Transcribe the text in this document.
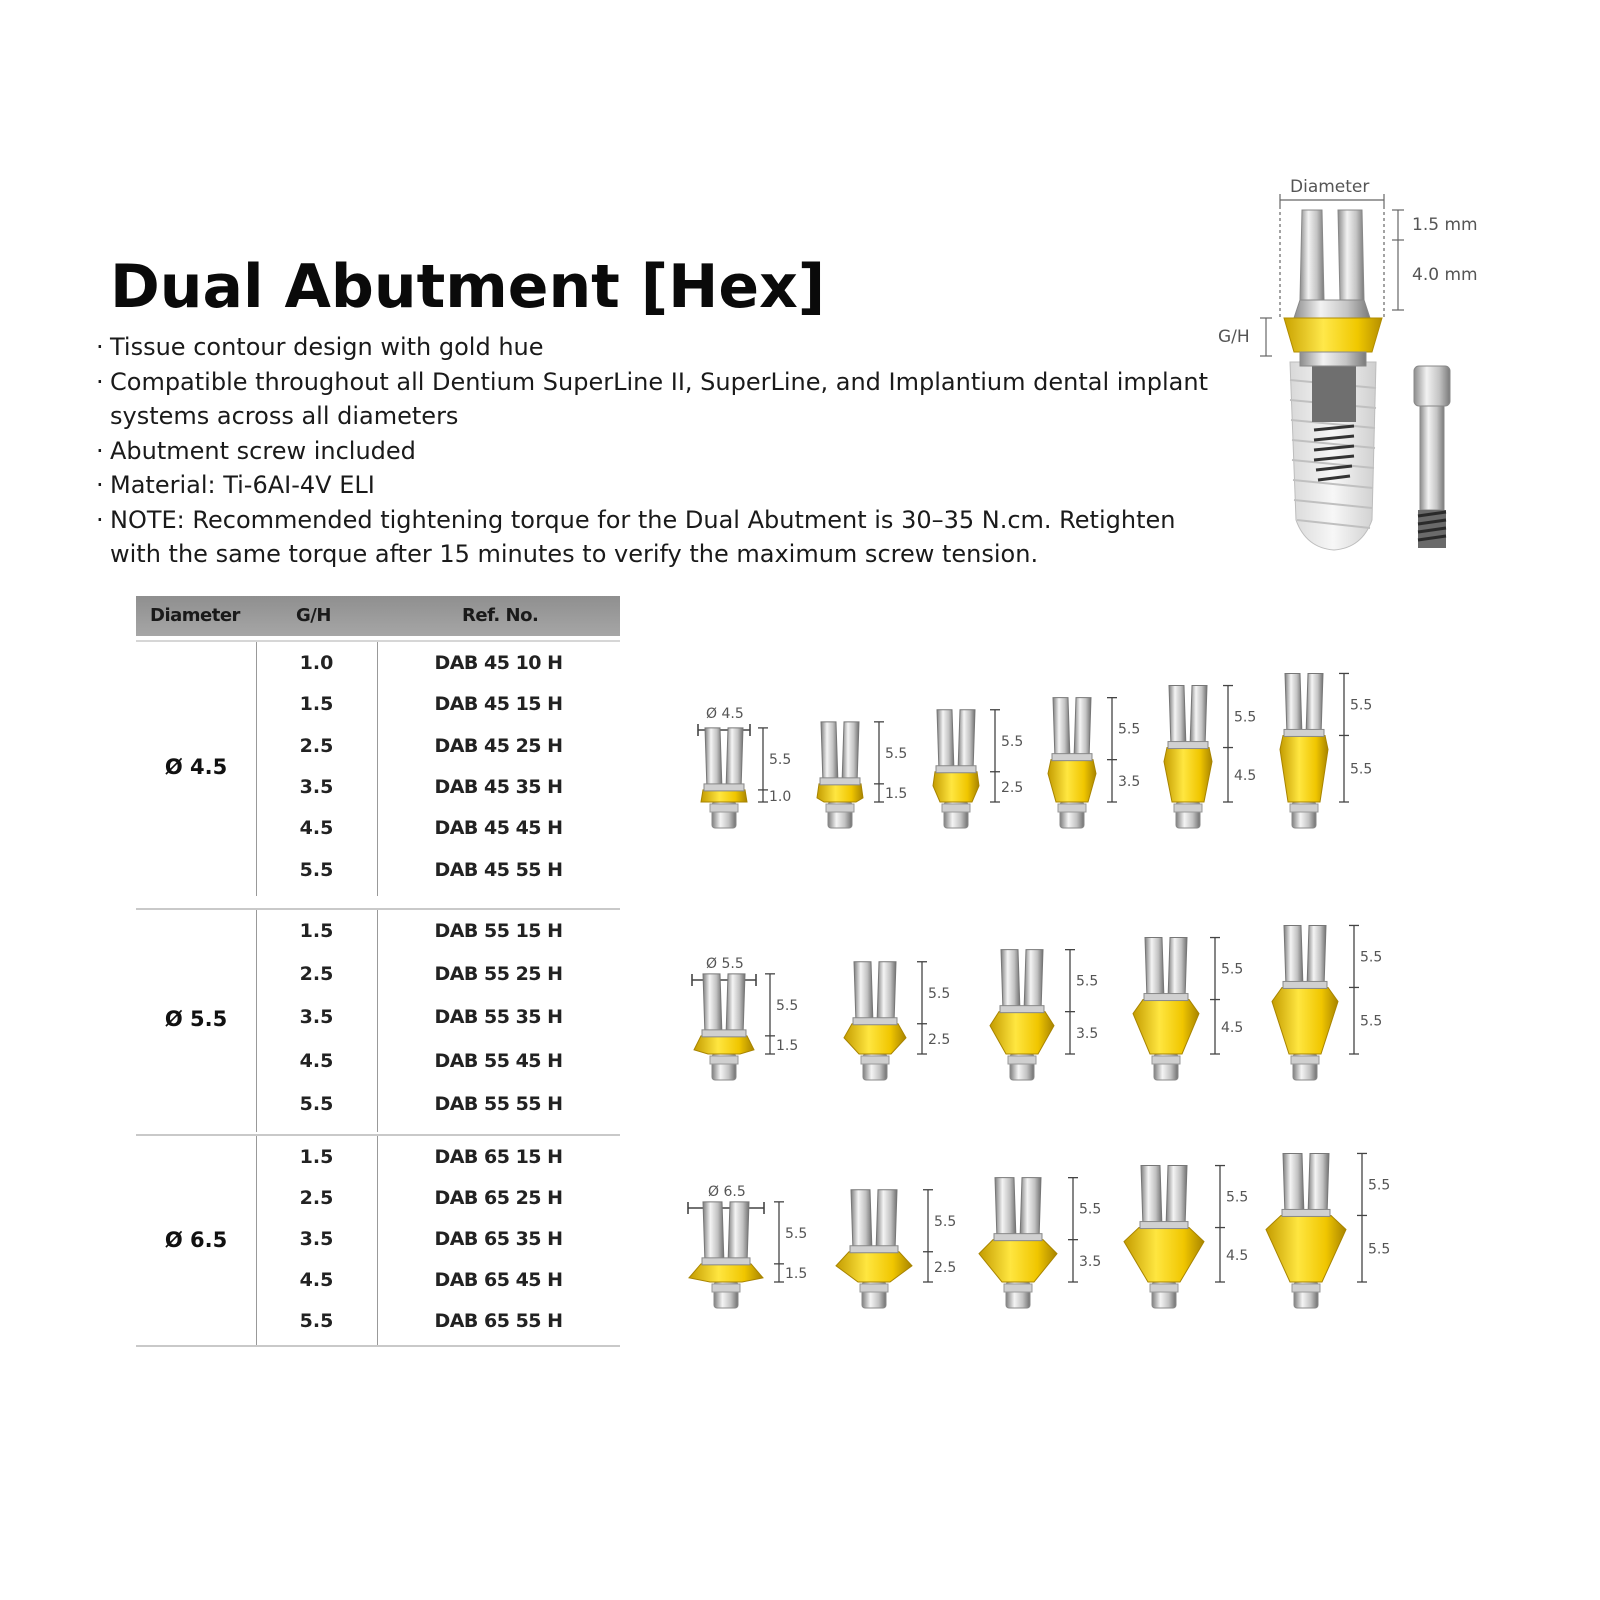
Dual Abutment [Hex]
· Tissue contour design with gold hue
· Compatible throughout all Dentium SuperLine II, SuperLine, and Implantium dental implant systems across all diameters
· Abutment screw included
· Material: Ti-6AI-4V ELI
· NOTE: Recommended tightening torque for the Dual Abutment is 30–35 N.cm. Retighten with the same torque after 15 minutes to verify the maximum screw tension.
Diameter
1.5 mm
4.0 mm
G/H
Diameter	G/H	Ref. No.
Ø 4.5
1.0	DAB 45 10 H
1.5	DAB 45 15 H
2.5	DAB 45 25 H
3.5	DAB 45 35 H
4.5	DAB 45 45 H
5.5	DAB 45 55 H
Ø 5.5
1.5	DAB 55 15 H
2.5	DAB 55 25 H
3.5	DAB 55 35 H
4.5	DAB 55 45 H
5.5	DAB 55 55 H
Ø 6.5
1.5	DAB 65 15 H
2.5	DAB 65 25 H
3.5	DAB 65 35 H
4.5	DAB 65 45 H
5.5	DAB 65 55 H
Ø 4.5
5.5
1.0
5.5
1.5
5.5
2.5
5.5
3.5
5.5
4.5
5.5
5.5
Ø 5.5
5.5
1.5
5.5
2.5
5.5
3.5
5.5
4.5
5.5
5.5
Ø 6.5
5.5
1.5
5.5
2.5
5.5
3.5
5.5
4.5
5.5
5.5
